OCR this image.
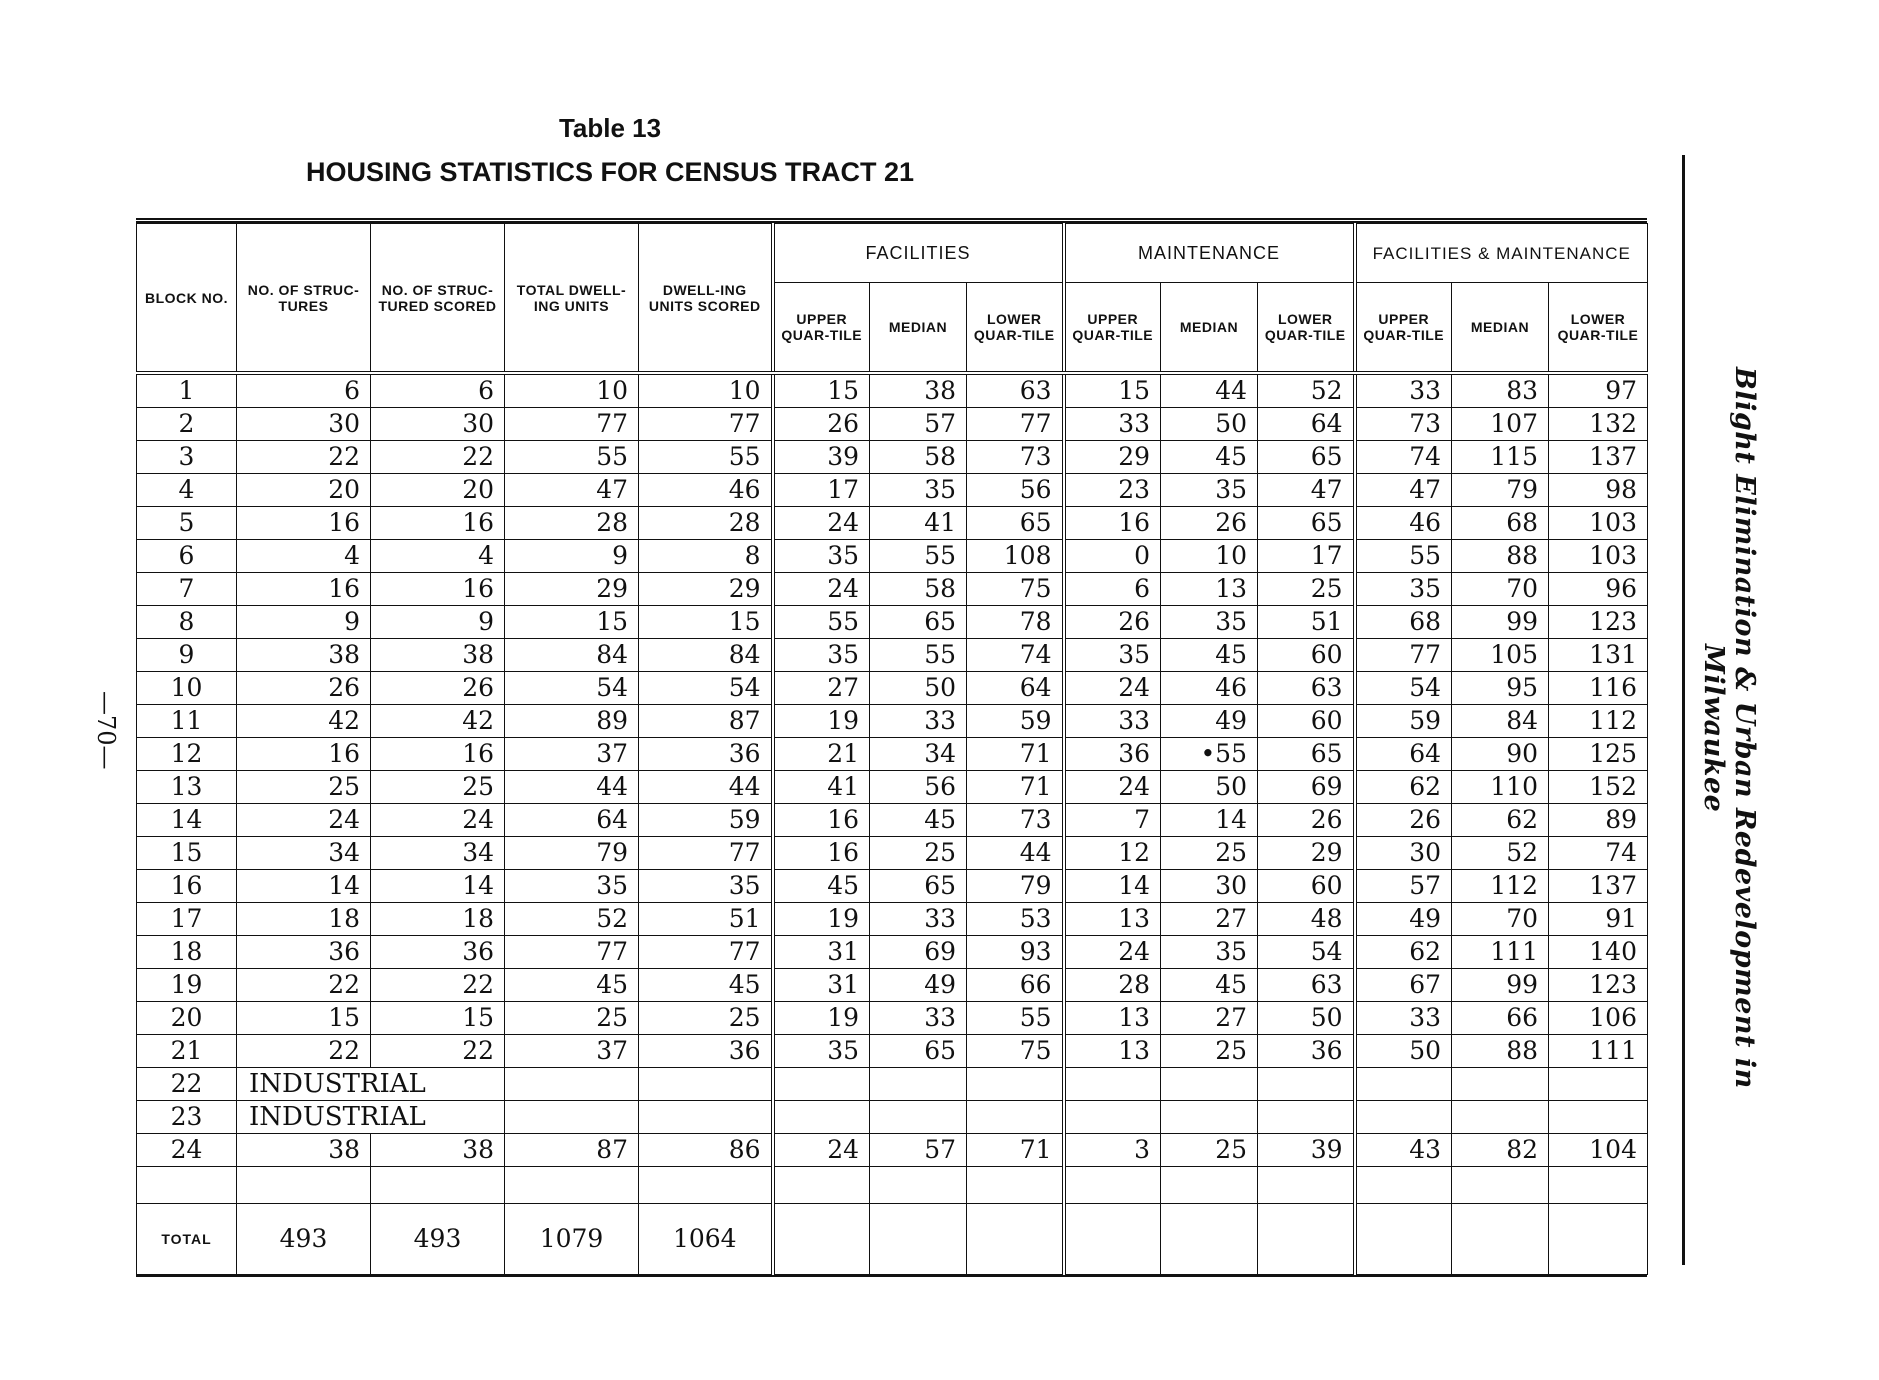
Table 13
HOUSING STATISTICS FOR CENSUS TRACT 21
BLOCK NO.	NO. OF STRUC-TURES	NO. OF STRUC-TURED SCORED	TOTAL DWELL-ING UNITS	DWELL-ING UNITS SCORED	FACILITIES			MAINTENANCE			FACILITIES & MAINTENANCE		
					UPPER QUAR-TILE	MEDIAN	LOWER QUAR-TILE	UPPER QUAR-TILE	MEDIAN	LOWER QUAR-TILE	UPPER QUAR-TILE	MEDIAN	LOWER QUAR-TILE
1	6	6	10	10	15	38	63	15	44	52	33	83	97
2	30	30	77	77	26	57	77	33	50	64	73	107	132
3	22	22	55	55	39	58	73	29	45	65	74	115	137
4	20	20	47	46	17	35	56	23	35	47	47	79	98
5	16	16	28	28	24	41	65	16	26	65	46	68	103
6	4	4	9	8	35	55	108	0	10	17	55	88	103
7	16	16	29	29	24	58	75	6	13	25	35	70	96
8	9	9	15	15	55	65	78	26	35	51	68	99	123
9	38	38	84	84	35	55	74	35	45	60	77	105	131
10	26	26	54	54	27	50	64	24	46	63	54	95	116
11	42	42	89	87	19	33	59	33	49	60	59	84	112
12	16	16	37	36	21	34	71	36	•55	65	64	90	125
13	25	25	44	44	41	56	71	24	50	69	62	110	152
14	24	24	64	59	16	45	73	7	14	26	26	62	89
15	34	34	79	77	16	25	44	12	25	29	30	52	74
16	14	14	35	35	45	65	79	14	30	60	57	112	137
17	18	18	52	51	19	33	53	13	27	48	49	70	91
18	36	36	77	77	31	69	93	24	35	54	62	111	140
19	22	22	45	45	31	49	66	28	45	63	67	99	123
20	15	15	25	25	19	33	55	13	27	50	33	66	106
21	22	22	37	36	35	65	75	13	25	36	50	88	111
22	INDUSTRIAL												
23	INDUSTRIAL												
24	38	38	87	86	24	57	71	3	25	39	43	82	104

TOTAL	493	493	1079	1064									
Blight Elimination & Urban Redevelopment in Milwaukee
—70—
